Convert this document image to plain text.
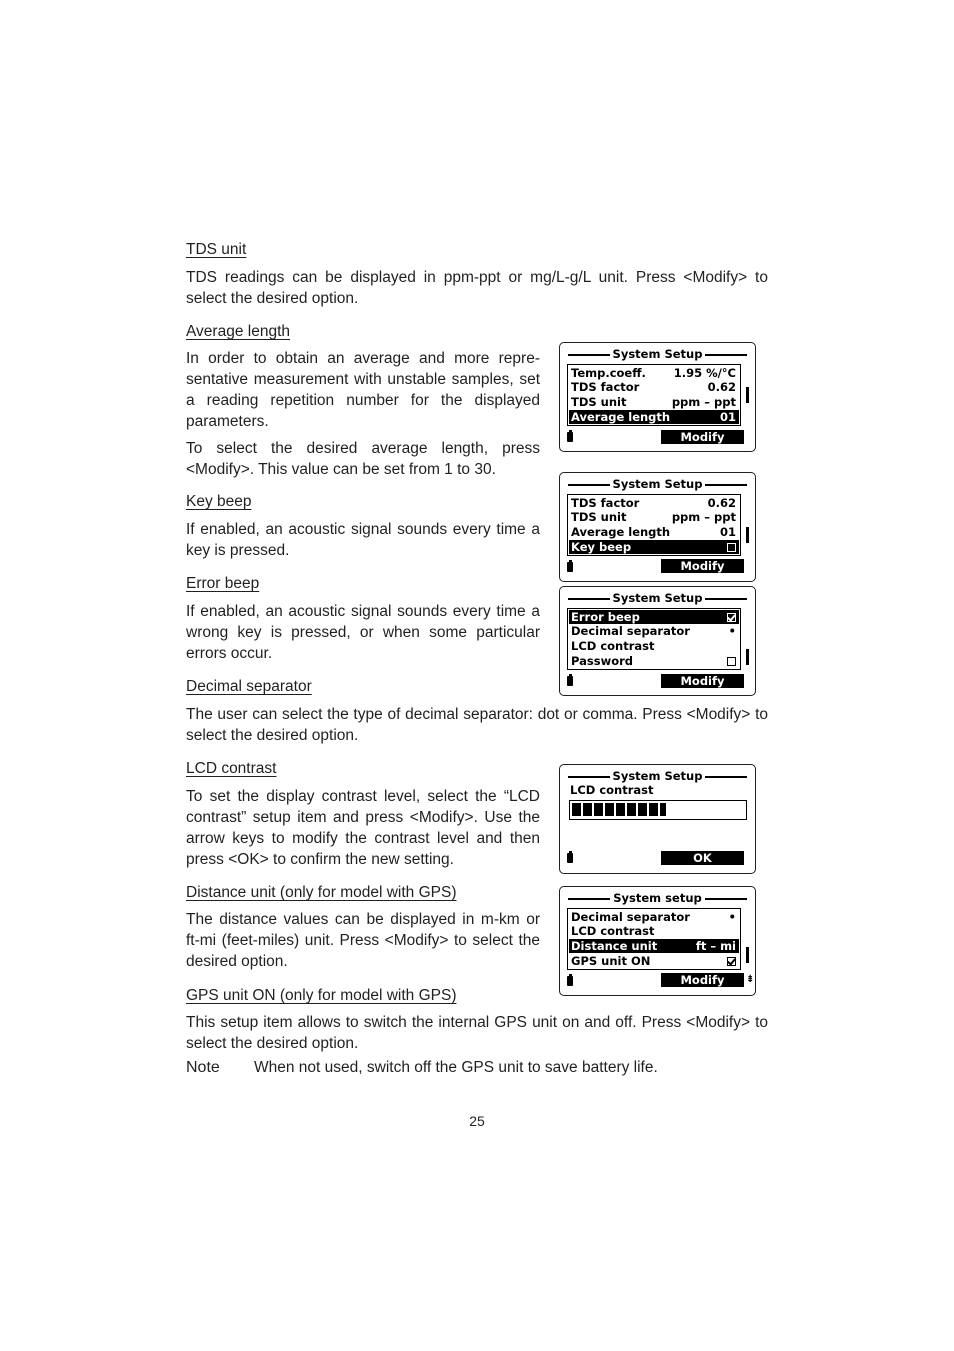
TDS unit
TDS readings can be displayed in ppm-ppt or mg/L-g/L unit. Press <Modify> to select the desired option.
Average length
In order to obtain an average and more repre-sentative measurement with unstable samples, set a reading repetition number for the displayed parameters.
To select the desired average length, press <Modify>. This value can be set from 1 to 30.
Key beep
If enabled, an acoustic signal sounds every time a key is pressed.
Error beep
If enabled, an acoustic signal sounds every time a wrong key is pressed, or when some particular errors occur.
Decimal separator
The user can select the type of decimal separator: dot or comma. Press <Modify> to select the desired option.
LCD contrast
To set the display contrast level, select the “LCD contrast” setup item and press <Modify>. Use the arrow keys to modify the contrast level and then press <OK> to confirm the new setting.
Distance unit (only for model with GPS)
The distance values can be displayed in m-km or ft-mi (feet-miles) unit. Press <Modify> to select the desired option.
GPS unit ON (only for model with GPS)
This setup item allows to switch the internal GPS unit on and off. Press <Modify> to select the desired option.
Note When not used, switch off the GPS unit to save battery life.
25
System Setup
Temp.coeff. 1.95 %/°C
TDS factor	0.62
TDS unit	ppm – ppt
Average length	01
Modify
System Setup
TDS factor	0.62
TDS unit	ppm – ppt
Average length	01
Key beep
Modify
System Setup
Error beep
Decimal separator	•
LCD contrast
Password
Modify
System Setup
LCD contrast
OK
System setup
Decimal separator	•
LCD contrast
Distance unit	ft – mi
GPS unit ON
Modify	⇟
